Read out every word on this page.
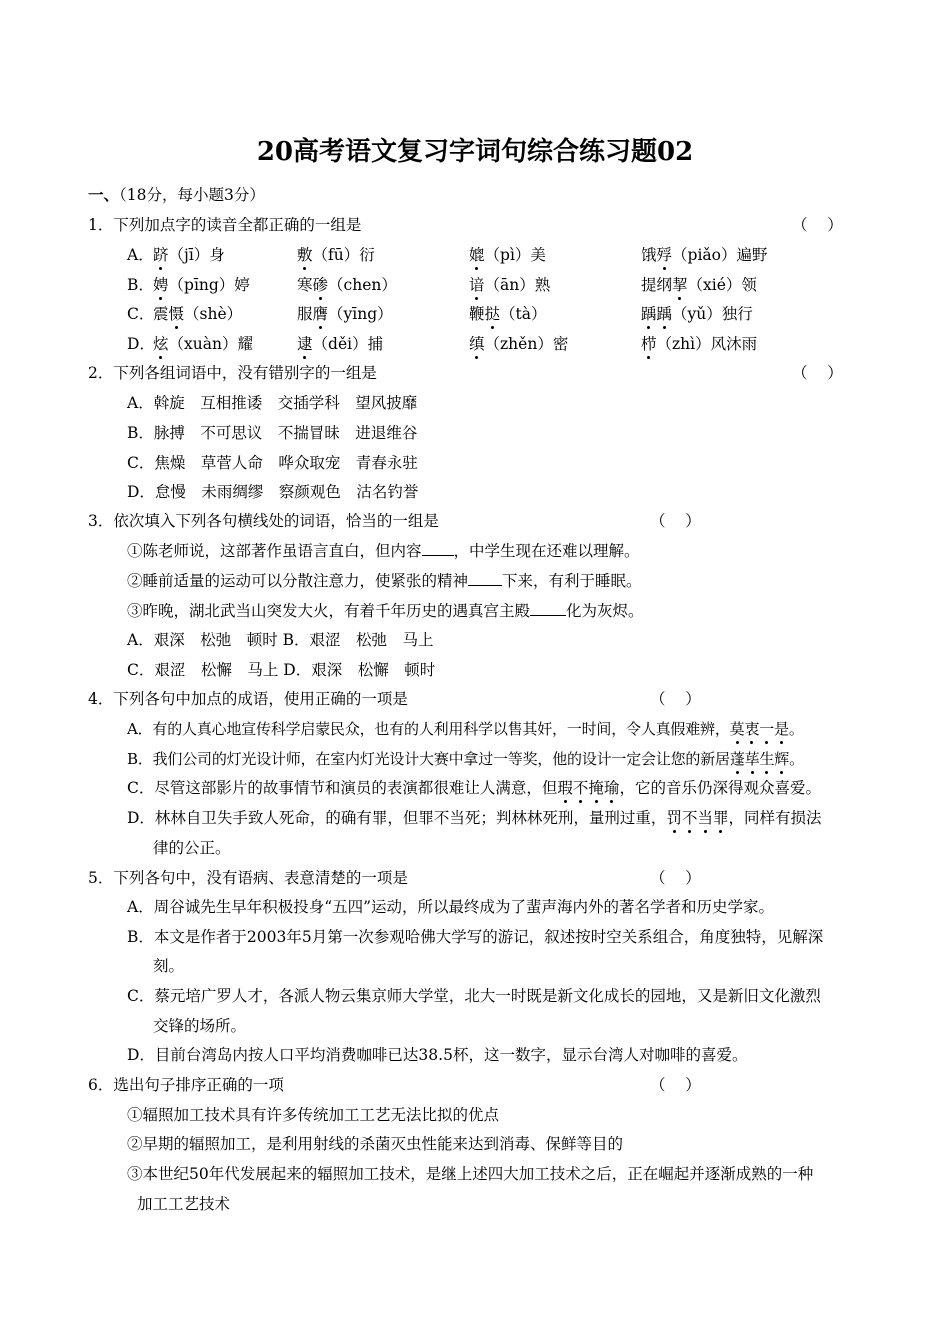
20高考语文复习字词句综合练习题02
一、（18分，每小题3分）
1．下列加点字的读音全都正确的一组是	（    ）
A． 跻（jī）身	敷（fū）衍	媲（pì）美	饿殍（piǎo）遍野
B． 娉（pīng）婷	寒碜（chen）	谙（ān）熟	提纲挈（xié）领
C．
震慑（shè）	服膺（yīng）	鞭挞（tà）	踽踽（yǔ）独行
D．
炫（xuàn）耀	逮（děi）捕	缜（zhěn）密	栉（zhì）风沐雨
2．下列各组词语中，没有错别字的一组是	（    ）
A．斡旋　互相推诿　交插学科　望风披靡
B．脉搏　不可思议　不揣冒昧　进退维谷
C．焦燥　草菅人命　哗众取宠　青春永驻
D．怠慢　未雨绸缪　察颜观色　沽名钓誉
3．依次填入下列各句横线处的词语，恰当的一组是	（    ）
①陈老师说，这部著作虽语言直白，但内容 ，中学生现在还难以理解。
②睡前适量的运动可以分散注意力，使紧张的精神 下来，有利于睡眠。
③昨晚，湖北武当山突发大火，有着千年历史的遇真宫主殿 化为灰烬。
A．艰深　松弛　顿时 B．艰涩　松弛　马上
C．艰涩　松懈　马上 D．艰深　松懈　顿时
4．下列各句中加点的成语，使用正确的一项是	（    ）
A．有的人真心地宣传科学启蒙民众，也有的人利用科学以售其奸，一时间，令人真假难辨，莫衷一是。
B．我们公司的灯光设计师，在室内灯光设计大赛中拿过一等奖，他的设计一定会让您的新居蓬荜生辉。
C．尽管这部影片的故事情节和演员的表演都很难让人满意，但瑕不掩瑜，它的音乐仍深得观众喜爱。
D．林林自卫失手致人死命，的确有罪，但罪不当死；判林林死刑，量刑过重，罚不当罪，同样有损法
律的公正。
5．下列各句中，没有语病、表意清楚的一项是	（    ）
A．周谷诚先生早年积极投身“五四”运动，所以最终成为了蜚声海内外的著名学者和历史学家。
B．本文是作者于2003年5月第一次参观哈佛大学写的游记，叙述按时空关系组合，角度独特，见解深
刻。
C．蔡元培广罗人才，各派人物云集京师大学堂，北大一时既是新文化成长的园地，又是新旧文化激烈
交锋的场所。
D．目前台湾岛内按人口平均消费咖啡已达38.5杯，这一数字，显示台湾人对咖啡的喜爱。
6．选出句子排序正确的一项	（    ）
①辐照加工技术具有许多传统加工工艺无法比拟的优点
②早期的辐照加工，是利用射线的杀菌灭虫性能来达到消毒、保鲜等目的
③本世纪50年代发展起来的辐照加工技术，是继上述四大加工技术之后，正在崛起并逐渐成熟的一种
加工工艺技术
